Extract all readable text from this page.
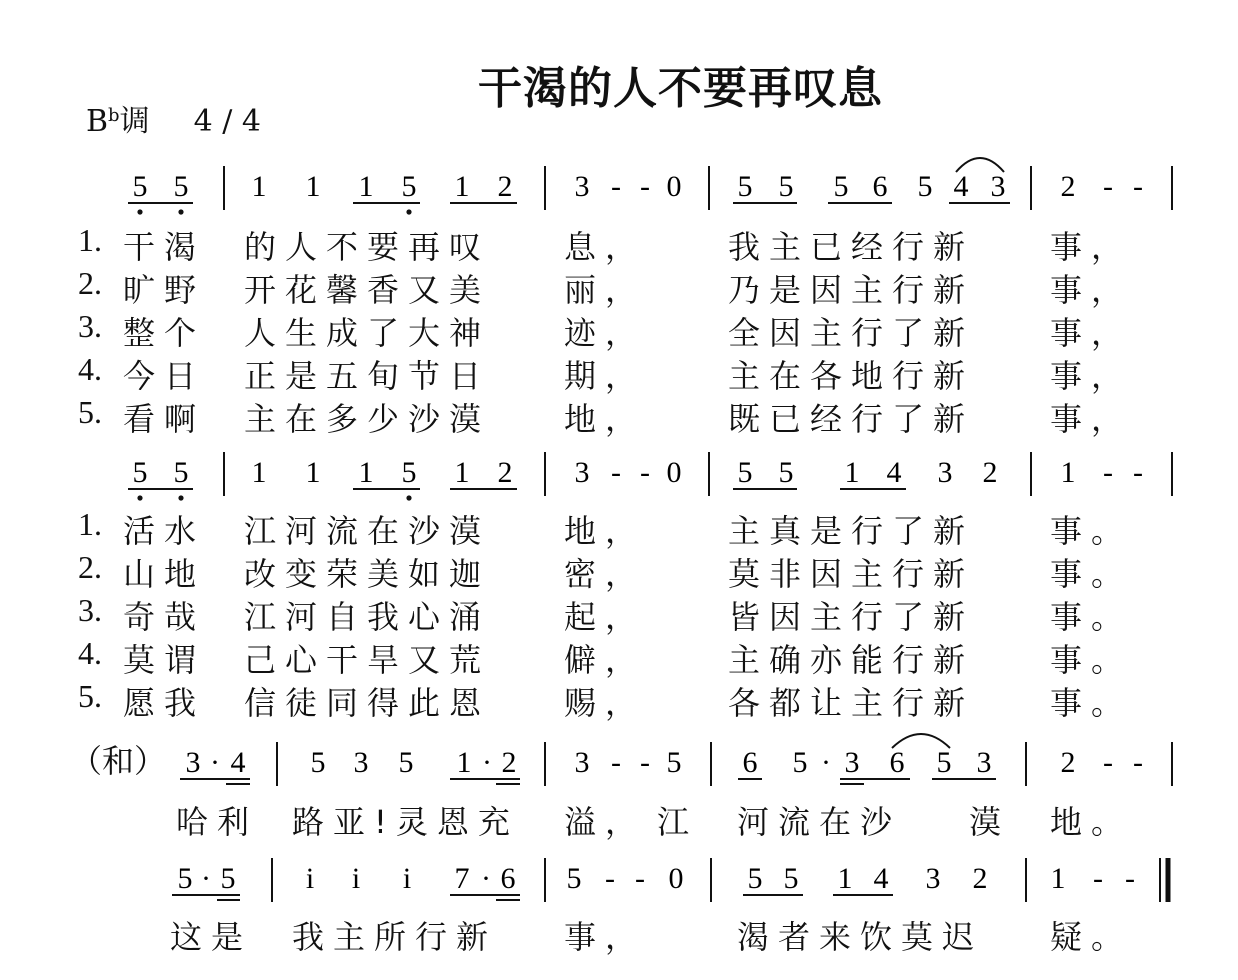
干渴的人不要再叹息
$B^b$调 4 / 4
5 5 1 1 1 5 1 2 3 - - 0 5 5 5 6 5 4 3 2 - -
5 5 1 1 1 5 1 2 3 - - 0 5 5 1 4 3 2 1 - -
3 · 4 5 3 5 1 · 2 3 - - 5 6 5 · 3 6 5 3 2 - -
5 · 5 i i i 7 · 6 5 - - 0 5 5 1 4 3 2 1 - -
1. 干渴 的人不要再叹 息，	我主已经行新 事，
2. 旷野 开花馨香又美 丽，	乃是因主行新 事，
3. 整个 人生成了大神 迹，	全因主行了新 事，
4. 今日 正是五旬节日 期，	主在各地行新 事，
5. 看啊 主在多少沙漠 地，	既已经行了新 事，
1. 活水 江河流在沙漠 地，	主真是行了新 事。
2. 山地 改变荣美如迦 密，	莫非因主行新 事。
3. 奇哉 江河自我心涌 起，	皆因主行了新 事。
4. 莫谓 己心干旱又荒 僻，	主确亦能行新 事。
5. 愿我 信徒同得此恩 赐，	各都让主行新 事。
（和）
哈利 路亚!灵恩充 溢， 江 河流在沙 漠 地。
这是 我主所行新 事，	渴者来饮莫迟 疑。
